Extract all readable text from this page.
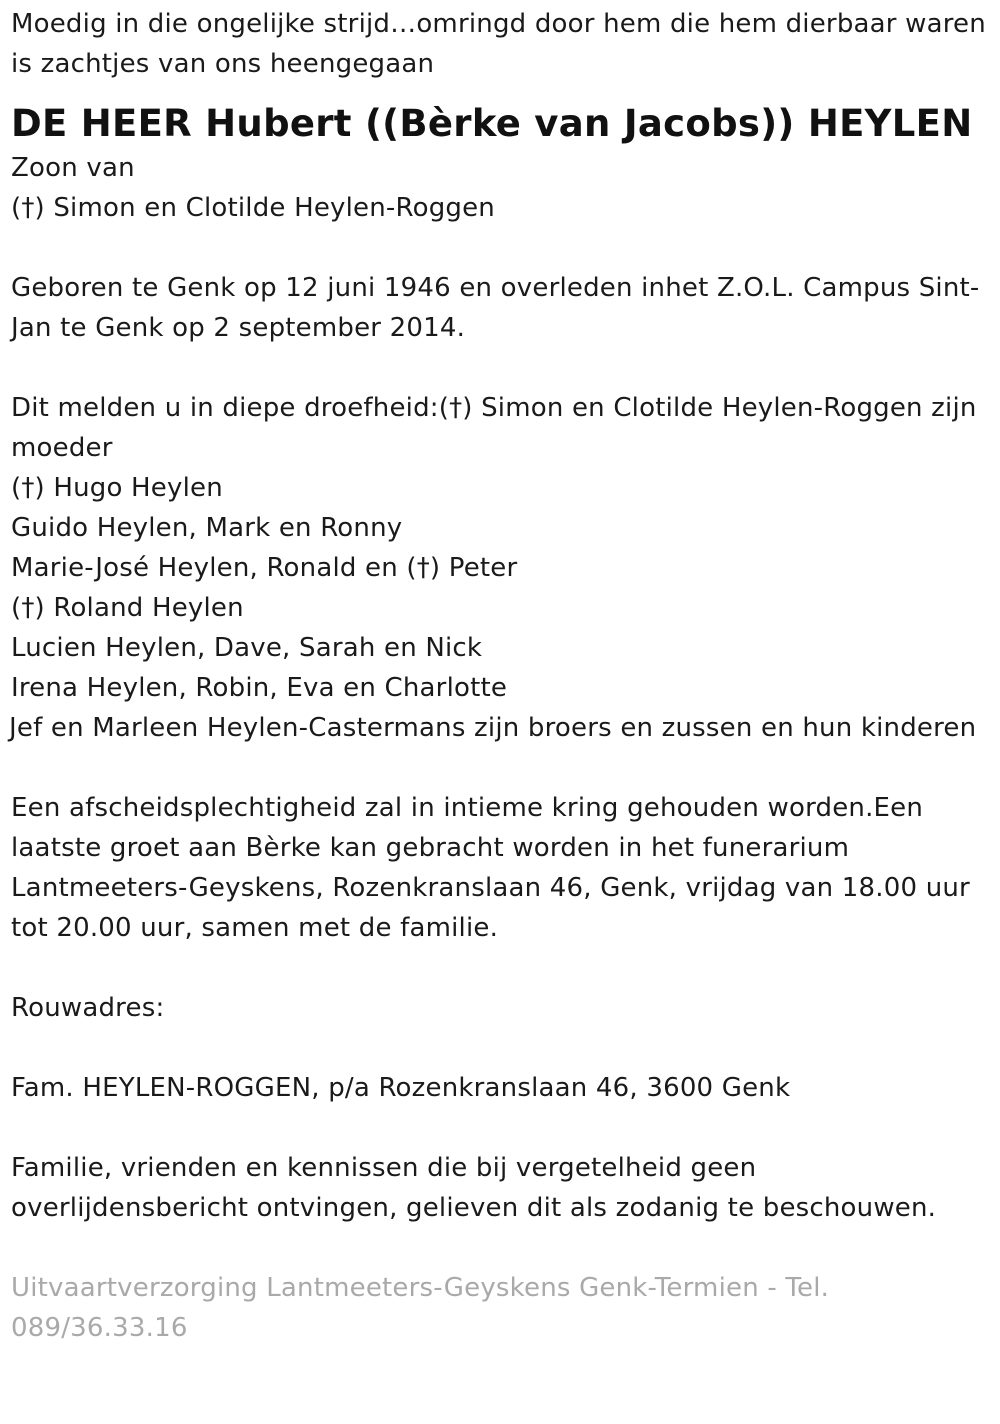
Moedig in die ongelijke strijd…omringd door hem die hem dierbaar waren
is zachtjes van ons heengegaan
DE HEER Hubert ((Bèrke van Jacobs)) HEYLEN
Zoon van
(†) Simon en Clotilde Heylen-Roggen
Geboren te Genk op 12 juni 1946 en overleden inhet Z.O.L. Campus Sint-Jan te Genk op 2 september 2014.
Dit melden u in diepe droefheid:(†) Simon en Clotilde Heylen-Roggen zijn moeder
(†) Hugo Heylen
Guido Heylen, Mark en Ronny
Marie-José Heylen, Ronald en (†) Peter
(†) Roland Heylen
Lucien Heylen, Dave, Sarah en Nick
Irena Heylen, Robin, Eva en Charlotte
Jef en Marleen Heylen-Castermans zijn broers en zussen en hun kinderen
Een afscheidsplechtigheid zal in intieme kring gehouden worden.Een laatste groet aan Bèrke kan gebracht worden in het funerarium Lantmeeters-Geyskens, Rozenkranslaan 46, Genk, vrijdag van 18.00 uur tot 20.00 uur, samen met de familie.
Rouwadres:
Fam. HEYLEN-ROGGEN, p/a Rozenkranslaan 46, 3600 Genk
Familie, vrienden en kennissen die bij vergetelheid geen overlijdensbericht ontvingen, gelieven dit als zodanig te beschouwen.
Uitvaartverzorging Lantmeeters-Geyskens Genk-Termien - Tel. 089/36.33.16
